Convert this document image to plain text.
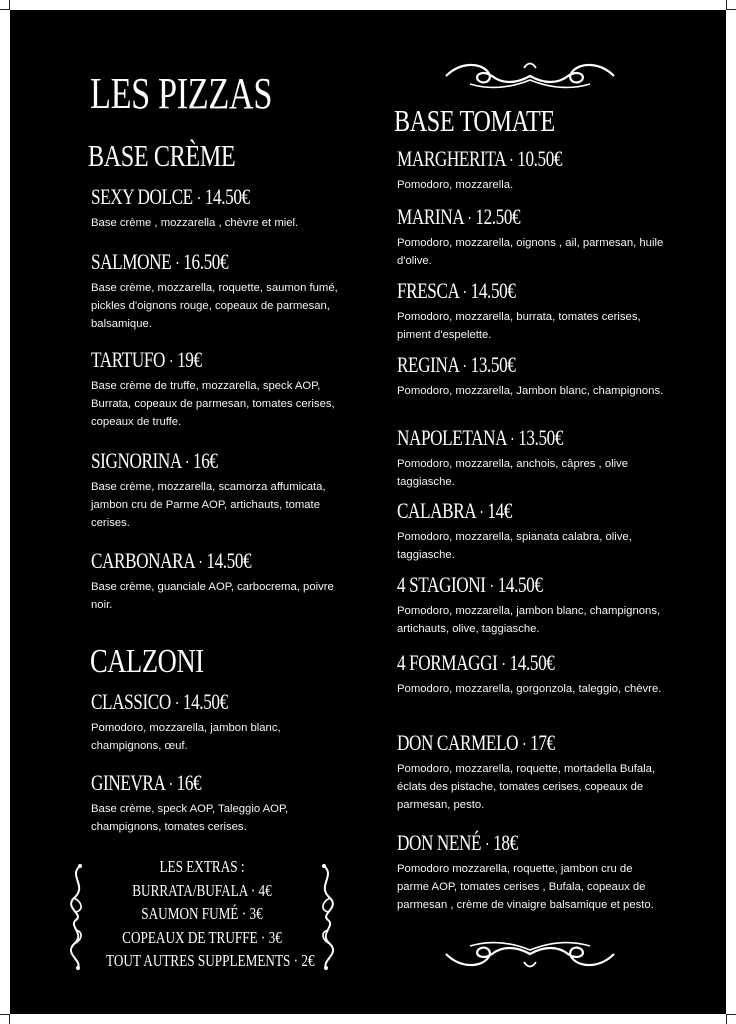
LES PIZZAS
BASE CRÈME
SEXY DOLCE · 14.50€
Base crème , mozzarella , chèvre et miel.
SALMONE · 16.50€
Base crème, mozzarella, roquette, saumon fumé, pickles d'oignons rouge, copeaux de parmesan, balsamique.
TARTUFO · 19€
Base crème de truffe, mozzarella, speck AOP, Burrata, copeaux de parmesan, tomates cerises, copeaux de truffe.
SIGNORINA · 16€
Base crème, mozzarella, scamorza affumicata, jambon cru de Parme AOP, artichauts, tomate cerises.
CARBONARA · 14.50€
Base crème, guanciale AOP, carbocrema, poivre noir.
CALZONI
CLASSICO · 14.50€
Pomodoro, mozzarella, jambon blanc, champignons, œuf.
GINEVRA · 16€
Base crème, speck AOP, Taleggio AOP, champignons, tomates cerises.
LES EXTRAS :
BURRATA/BUFALA · 4€
SAUMON FUMÉ · 3€
COPEAUX DE TRUFFE · 3€
TOUT AUTRES SUPPLEMENTS · 2€
BASE TOMATE
MARGHERITA · 10.50€
Pomodoro, mozzarella.
MARINA · 12.50€
Pomodoro, mozzarella, oignons , ail, parmesan, huile d'olive.
FRESCA · 14.50€
Pomodoro, mozzarella, burrata, tomates cerises, piment d'espelette.
REGINA · 13.50€
Pomodoro, mozzarella, Jambon blanc, champignons.
NAPOLETANA · 13.50€
Pomodoro, mozzarella, anchois, câpres , olive taggiasche.
CALABRA · 14€
Pomodoro, mozzarella, spianata calabra, olive, taggiasche.
4 STAGIONI · 14.50€
Pomodoro, mozzarella, jambon blanc, champignons, artichauts, olive, taggiasche.
4 FORMAGGI · 14.50€
Pomodoro, mozzarella, gorgonzola, taleggio, chèvre.
DON CARMELO · 17€
Pomodoro, mozzarella, roquette, mortadella Bufala, éclats des pistache, tomates cerises, copeaux de parmesan, pesto.
DON NENÉ · 18€
Pomodoro mozzarella, roquette, jambon cru de parme AOP, tomates cerises , Bufala, copeaux de parmesan , crème de vinaigre balsamique et pesto.
